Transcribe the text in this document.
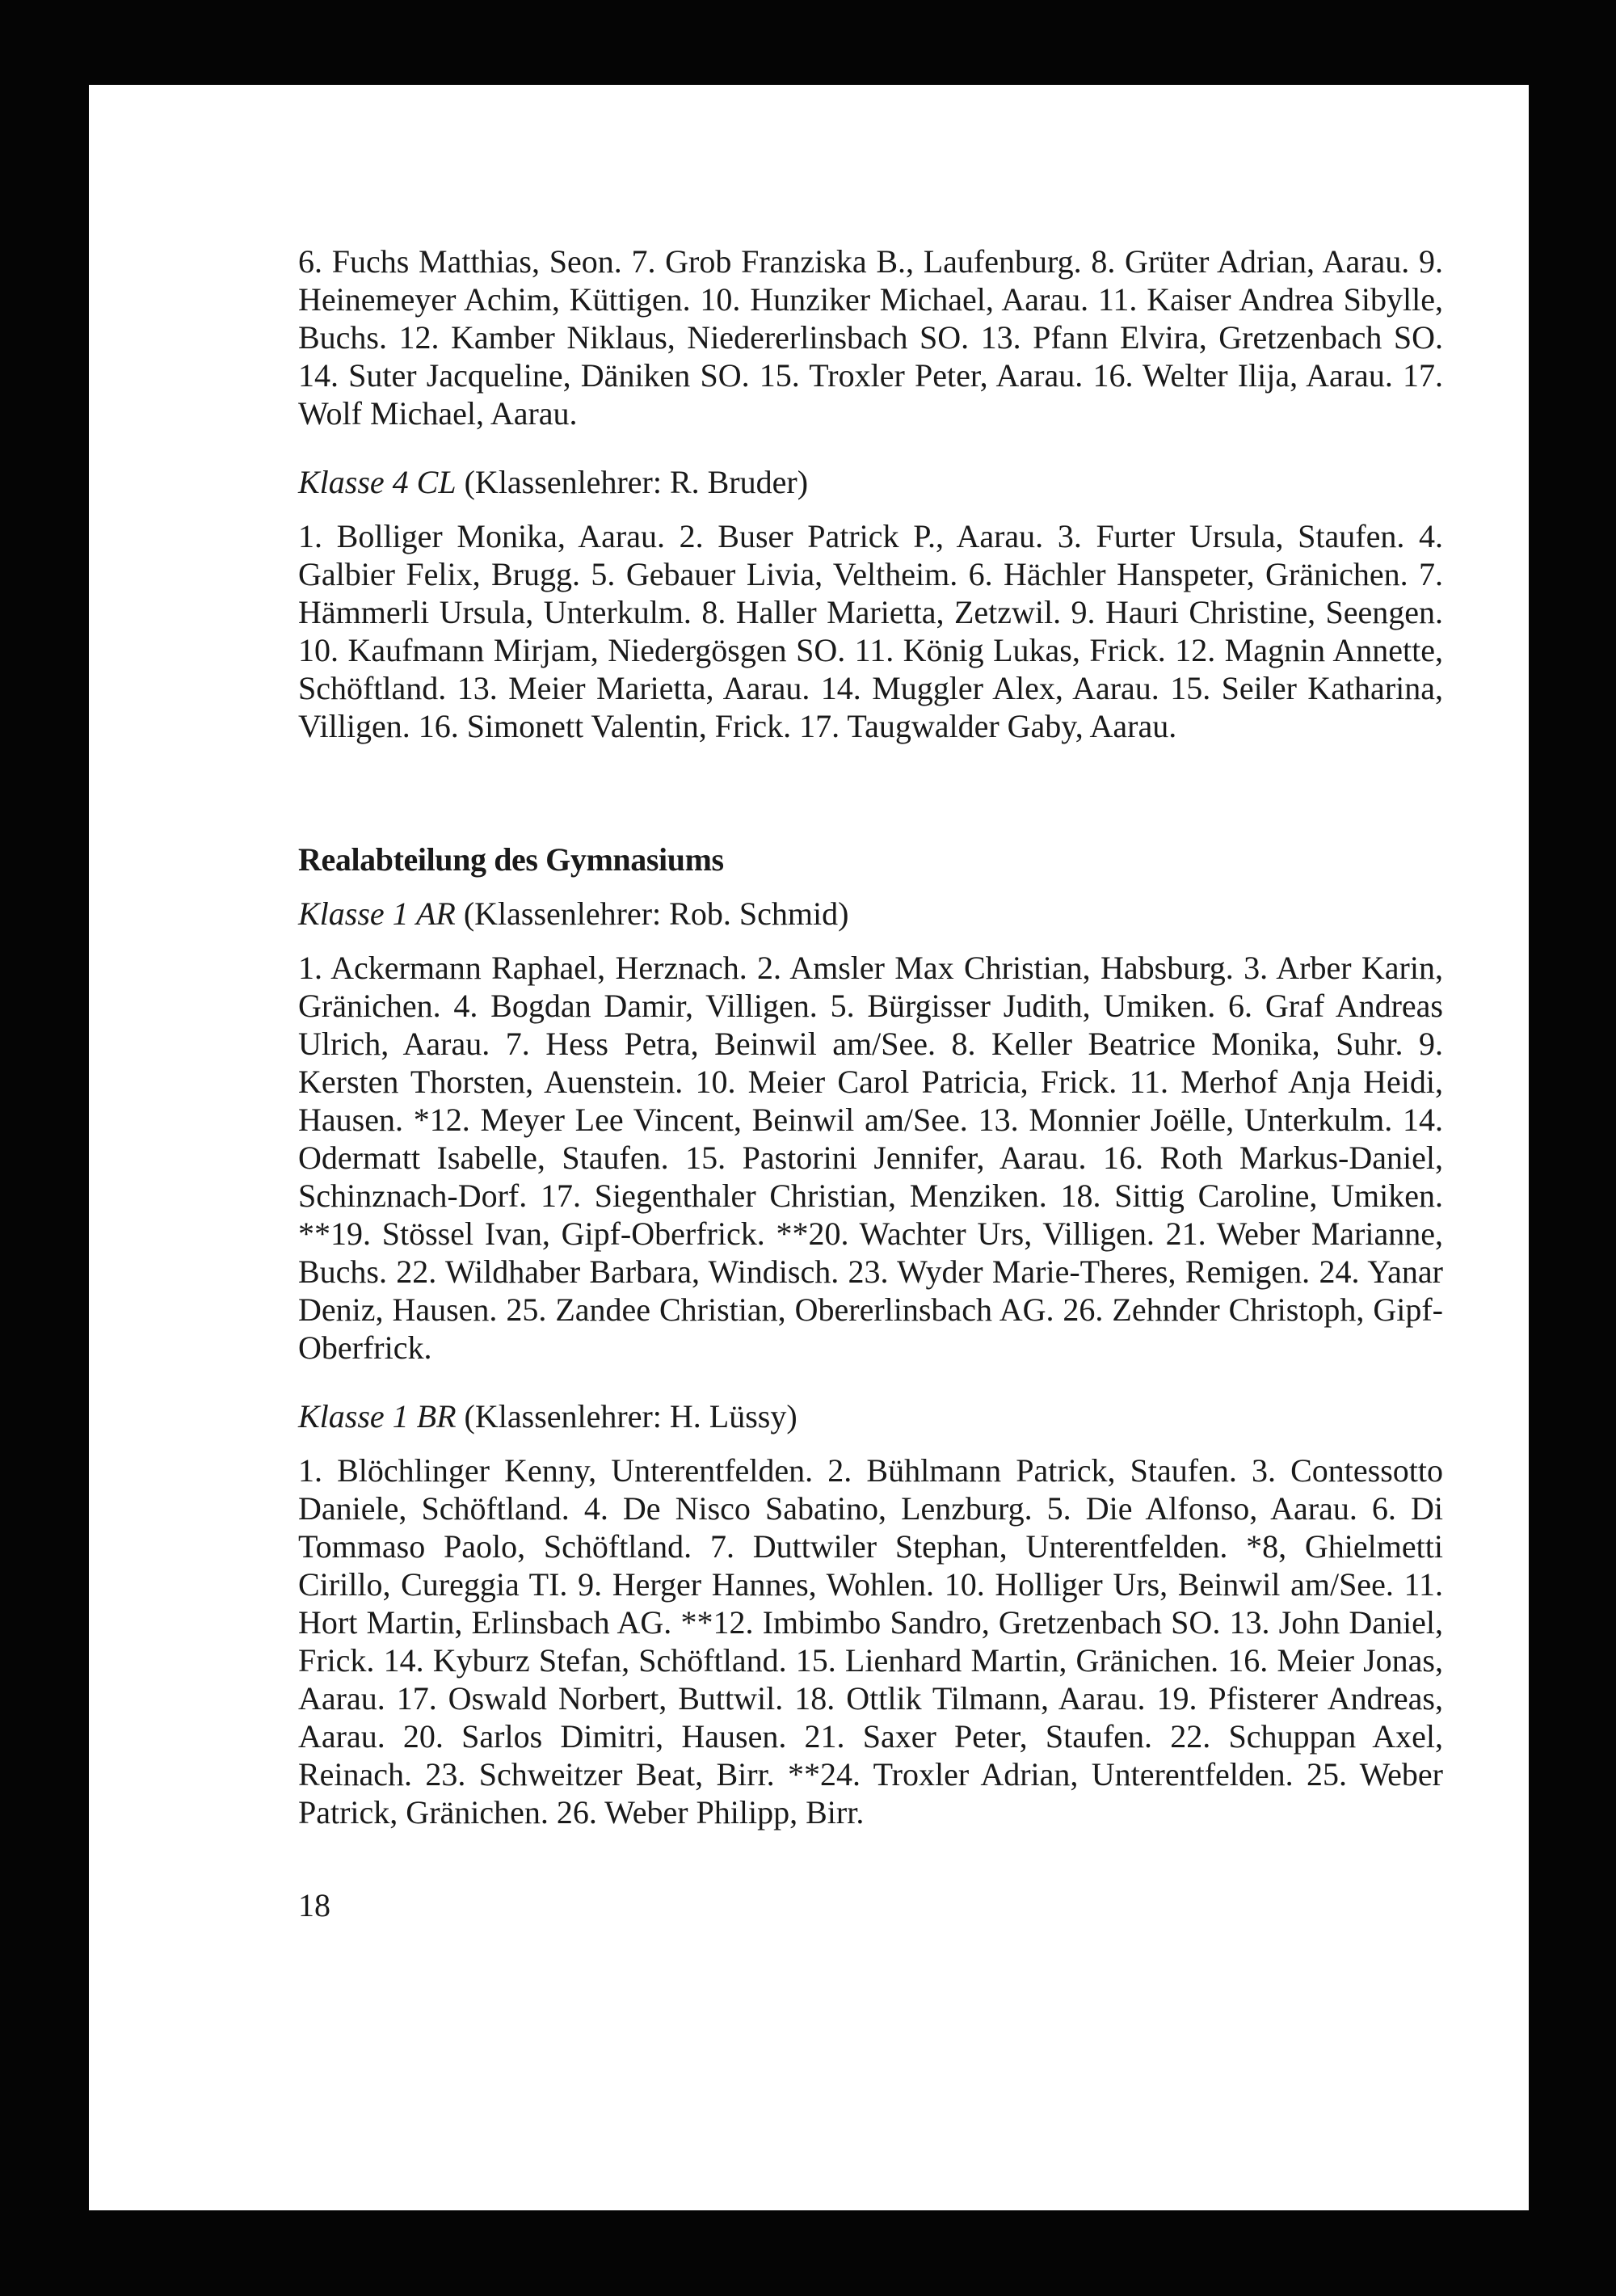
6. Fuchs Matthias, Seon. 7. Grob Franziska B., Laufenburg. 8. Grüter Adrian, Aarau. 9. Heinemeyer Achim, Küttigen. 10. Hunziker Michael, Aarau. 11. Kaiser Andrea Sibylle, Buchs. 12. Kamber Niklaus, Niedererlinsbach SO. 13. Pfann Elvira, Gretzenbach SO. 14. Suter Jacqueline, Däniken SO. 15. Troxler Peter, Aarau. 16. Welter Ilija, Aarau. 17. Wolf Michael, Aarau.

Klasse 4 CL (Klassenlehrer: R. Bruder)

1. Bolliger Monika, Aarau. 2. Buser Patrick P., Aarau. 3. Furter Ursula, Staufen. 4. Galbier Felix, Brugg. 5. Gebauer Livia, Veltheim. 6. Hächler Hanspeter, Gränichen. 7. Hämmerli Ursula, Unterkulm. 8. Haller Marietta, Zetzwil. 9. Hauri Christine, Seengen. 10. Kaufmann Mirjam, Niedergösgen SO. 11. König Lukas, Frick. 12. Magnin Annette, Schöftland. 13. Meier Marietta, Aarau. 14. Muggler Alex, Aarau. 15. Seiler Katharina, Villigen. 16. Simonett Valentin, Frick. 17. Taugwalder Gaby, Aarau.

Realabteilung des Gymnasiums

Klasse 1 AR (Klassenlehrer: Rob. Schmid)

1. Ackermann Raphael, Herznach. 2. Amsler Max Christian, Habsburg. 3. Arber Karin, Gränichen. 4. Bogdan Damir, Villigen. 5. Bürgisser Judith, Umiken. 6. Graf Andreas Ulrich, Aarau. 7. Hess Petra, Beinwil am/See. 8. Keller Beatrice Monika, Suhr. 9. Kersten Thorsten, Auenstein. 10. Meier Carol Patricia, Frick. 11. Merhof Anja Heidi, Hausen. *12. Meyer Lee Vincent, Beinwil am/See. 13. Monnier Joëlle, Unterkulm. 14. Odermatt Isabelle, Staufen. 15. Pastorini Jennifer, Aarau. 16. Roth Markus-Daniel, Schinznach-Dorf. 17. Siegenthaler Christian, Menziken. 18. Sittig Caroline, Umiken. **19. Stössel Ivan, Gipf-Oberfrick. **20. Wachter Urs, Villigen. 21. Weber Marianne, Buchs. 22. Wildhaber Barbara, Windisch. 23. Wyder Marie-Theres, Remigen. 24. Yanar Deniz, Hausen. 25. Zandee Christian, Obererlinsbach AG. 26. Zehnder Christoph, Gipf-Oberfrick.

Klasse 1 BR (Klassenlehrer: H. Lüssy)

1. Blöchlinger Kenny, Unterentfelden. 2. Bühlmann Patrick, Staufen. 3. Contessotto Daniele, Schöftland. 4. De Nisco Sabatino, Lenzburg. 5. Die Alfonso, Aarau. 6. Di Tommaso Paolo, Schöftland. 7. Duttwiler Stephan, Unterentfelden. *8, Ghielmetti Cirillo, Cureggia TI. 9. Herger Hannes, Wohlen. 10. Holliger Urs, Beinwil am/See. 11. Hort Martin, Erlinsbach AG. **12. Imbimbo Sandro, Gretzenbach SO. 13. John Daniel, Frick. 14. Kyburz Stefan, Schöftland. 15. Lienhard Martin, Gränichen. 16. Meier Jonas, Aarau. 17. Oswald Norbert, Buttwil. 18. Ottlik Tilmann, Aarau. 19. Pfisterer Andreas, Aarau. 20. Sarlos Dimitri, Hausen. 21. Saxer Peter, Staufen. 22. Schuppan Axel, Reinach. 23. Schweitzer Beat, Birr. **24. Troxler Adrian, Unterentfelden. 25. Weber Patrick, Gränichen. 26. Weber Philipp, Birr.

18
